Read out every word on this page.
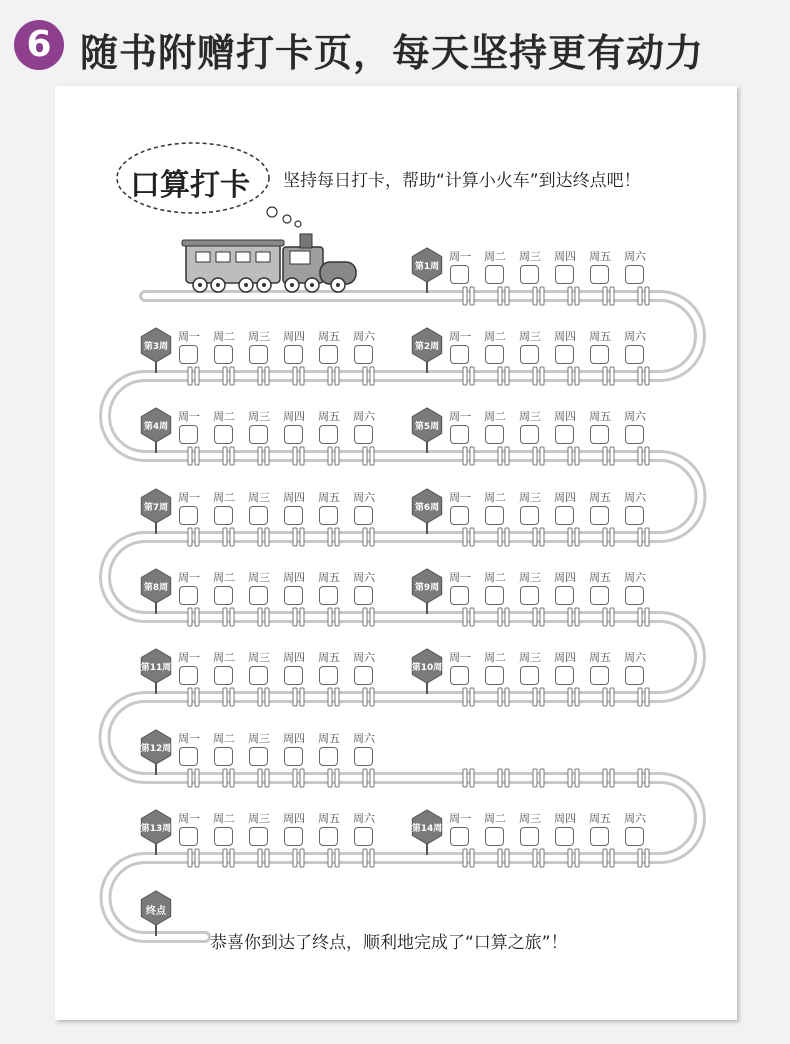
6 随书附赠打卡页，每天坚持更有动力
口算打卡 坚持每日打卡，帮助“计算小火车”到达终点吧！
第1周
周一	周二	周三	周四	周五	周六
第2周
周一	周二	周三	周四	周五	周六
第3周
周一	周二	周三	周四	周五	周六
第4周
周一	周二	周三	周四	周五	周六
第5周
周一	周二	周三	周四	周五	周六
第6周
周一	周二	周三	周四	周五	周六
第7周
周一	周二	周三	周四	周五	周六
第8周
周一	周二	周三	周四	周五	周六
第9周
周一	周二	周三	周四	周五	周六
第10周
周一	周二	周三	周四	周五	周六
第11周
周一	周二	周三	周四	周五	周六
第12周
周一	周二	周三	周四	周五	周六
第13周
周一	周二	周三	周四	周五	周六
第14周
周一	周二	周三	周四	周五	周六
终点
恭喜你到达了终点，顺利地完成了“口算之旅”！
